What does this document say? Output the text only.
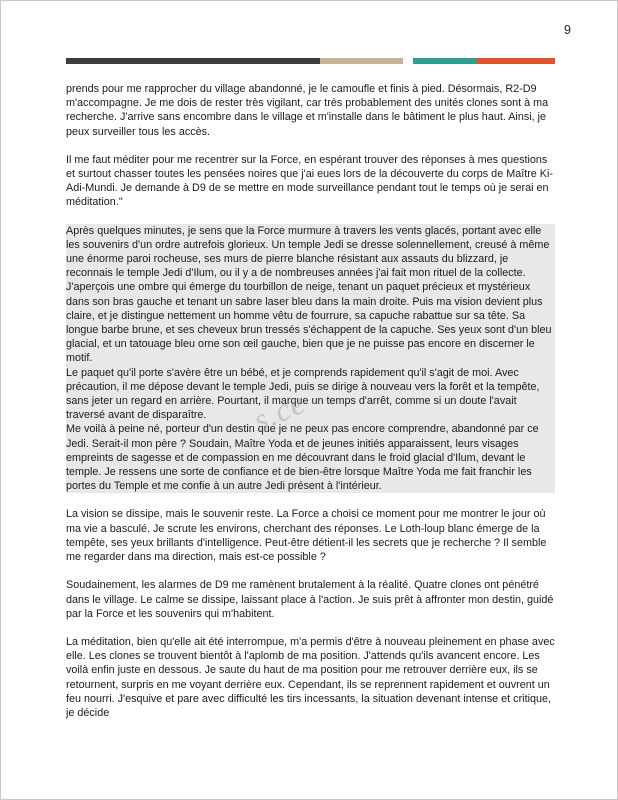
9

prends pour me rapprocher du village abandonné, je le camoufle et finis à pied. Désormais, R2-D9 m'accompagne. Je me dois de rester très vigilant, car très probablement des unités clones sont à ma recherche. J'arrive sans encombre dans le village et m'installe dans le bâtiment le plus haut. Ainsi, je peux surveiller tous les accès.

Il me faut méditer pour me recentrer sur la Force, en espérant trouver des réponses à mes questions et surtout chasser toutes les pensées noires que j'ai eues lors de la découverte du corps de Maître Ki-Adi-Mundi. Je demande à D9 de se mettre en mode surveillance pendant tout le temps où je serai en méditation."

Après quelques minutes, je sens que la Force murmure à travers les vents glacés, portant avec elle les souvenirs d'un ordre autrefois glorieux. Un temple Jedi se dresse solennellement, creusé à même une énorme paroi rocheuse, ses murs de pierre blanche résistant aux assauts du blizzard, je reconnais le temple Jedi d'Ilum, ou il y a de nombreuses années j'ai fait mon rituel de la collecte. J'aperçois une ombre qui émerge du tourbillon de neige, tenant un paquet précieux et mystérieux dans son bras gauche et tenant un sabre laser bleu dans la main droite. Puis ma vision devient plus claire, et je distingue nettement un homme vêtu de fourrure, sa capuche rabattue sur sa tête. Sa longue barbe brune, et ses cheveux brun tressés s'échappent de la capuche. Ses yeux sont d'un bleu glacial, et un tatouage bleu orne son œil gauche, bien que je ne puisse pas encore en discerner le motif.

Le paquet qu'il porte s'avère être un bébé, et je comprends rapidement qu'il s'agit de moi. Avec précaution, il me dépose devant le temple Jedi, puis se dirige à nouveau vers la forêt et la tempête, sans jeter un regard en arrière. Pourtant, il marque un temps d'arrêt, comme si un doute l'avait traversé avant de disparaître.

Me voilà à peine né, porteur d'un destin que je ne peux pas encore comprendre, abandonné par ce Jedi. Serait-il mon père ? Soudain, Maître Yoda et de jeunes initiés apparaissent, leurs visages empreints de sagesse et de compassion en me découvrant dans le froid glacial d'Ilum, devant le temple. Je ressens une sorte de confiance et de bien-être lorsque Maître Yoda me fait franchir les portes du Temple et me confie à un autre Jedi présent à l'intérieur.

La vision se dissipe, mais le souvenir reste. La Force a choisi ce moment pour me montrer le jour où ma vie a basculé. Je scrute les environs, cherchant des réponses. Le Loth-loup blanc émerge de la tempête, ses yeux brillants d'intelligence. Peut-être détient-il les secrets que je recherche ? Il semble me regarder dans ma direction, mais est-ce possible ?

Soudainement, les alarmes de D9 me ramènent brutalement à la réalité. Quatre clones ont pénétré dans le village. Le calme se dissipe, laissant place à l'action. Je suis prêt à affronter mon destin, guidé par la Force et les souvenirs qui m'habitent.

La méditation, bien qu'elle ait été interrompue, m'a permis d'être à nouveau pleinement en phase avec elle. Les clones se trouvent bientôt à l'aplomb de ma position. J'attends qu'ils avancent encore. Les voilà enfin juste en dessous. Je saute du haut de ma position pour me retrouver derrière eux, ils se retournent, surpris en me voyant derrière eux. Cependant, ils se reprennent rapidement et ouvrent un feu nourri. J'esquive et pare avec difficulté les tirs incessants, la situation devenant intense et critique, je décide

s.ce
